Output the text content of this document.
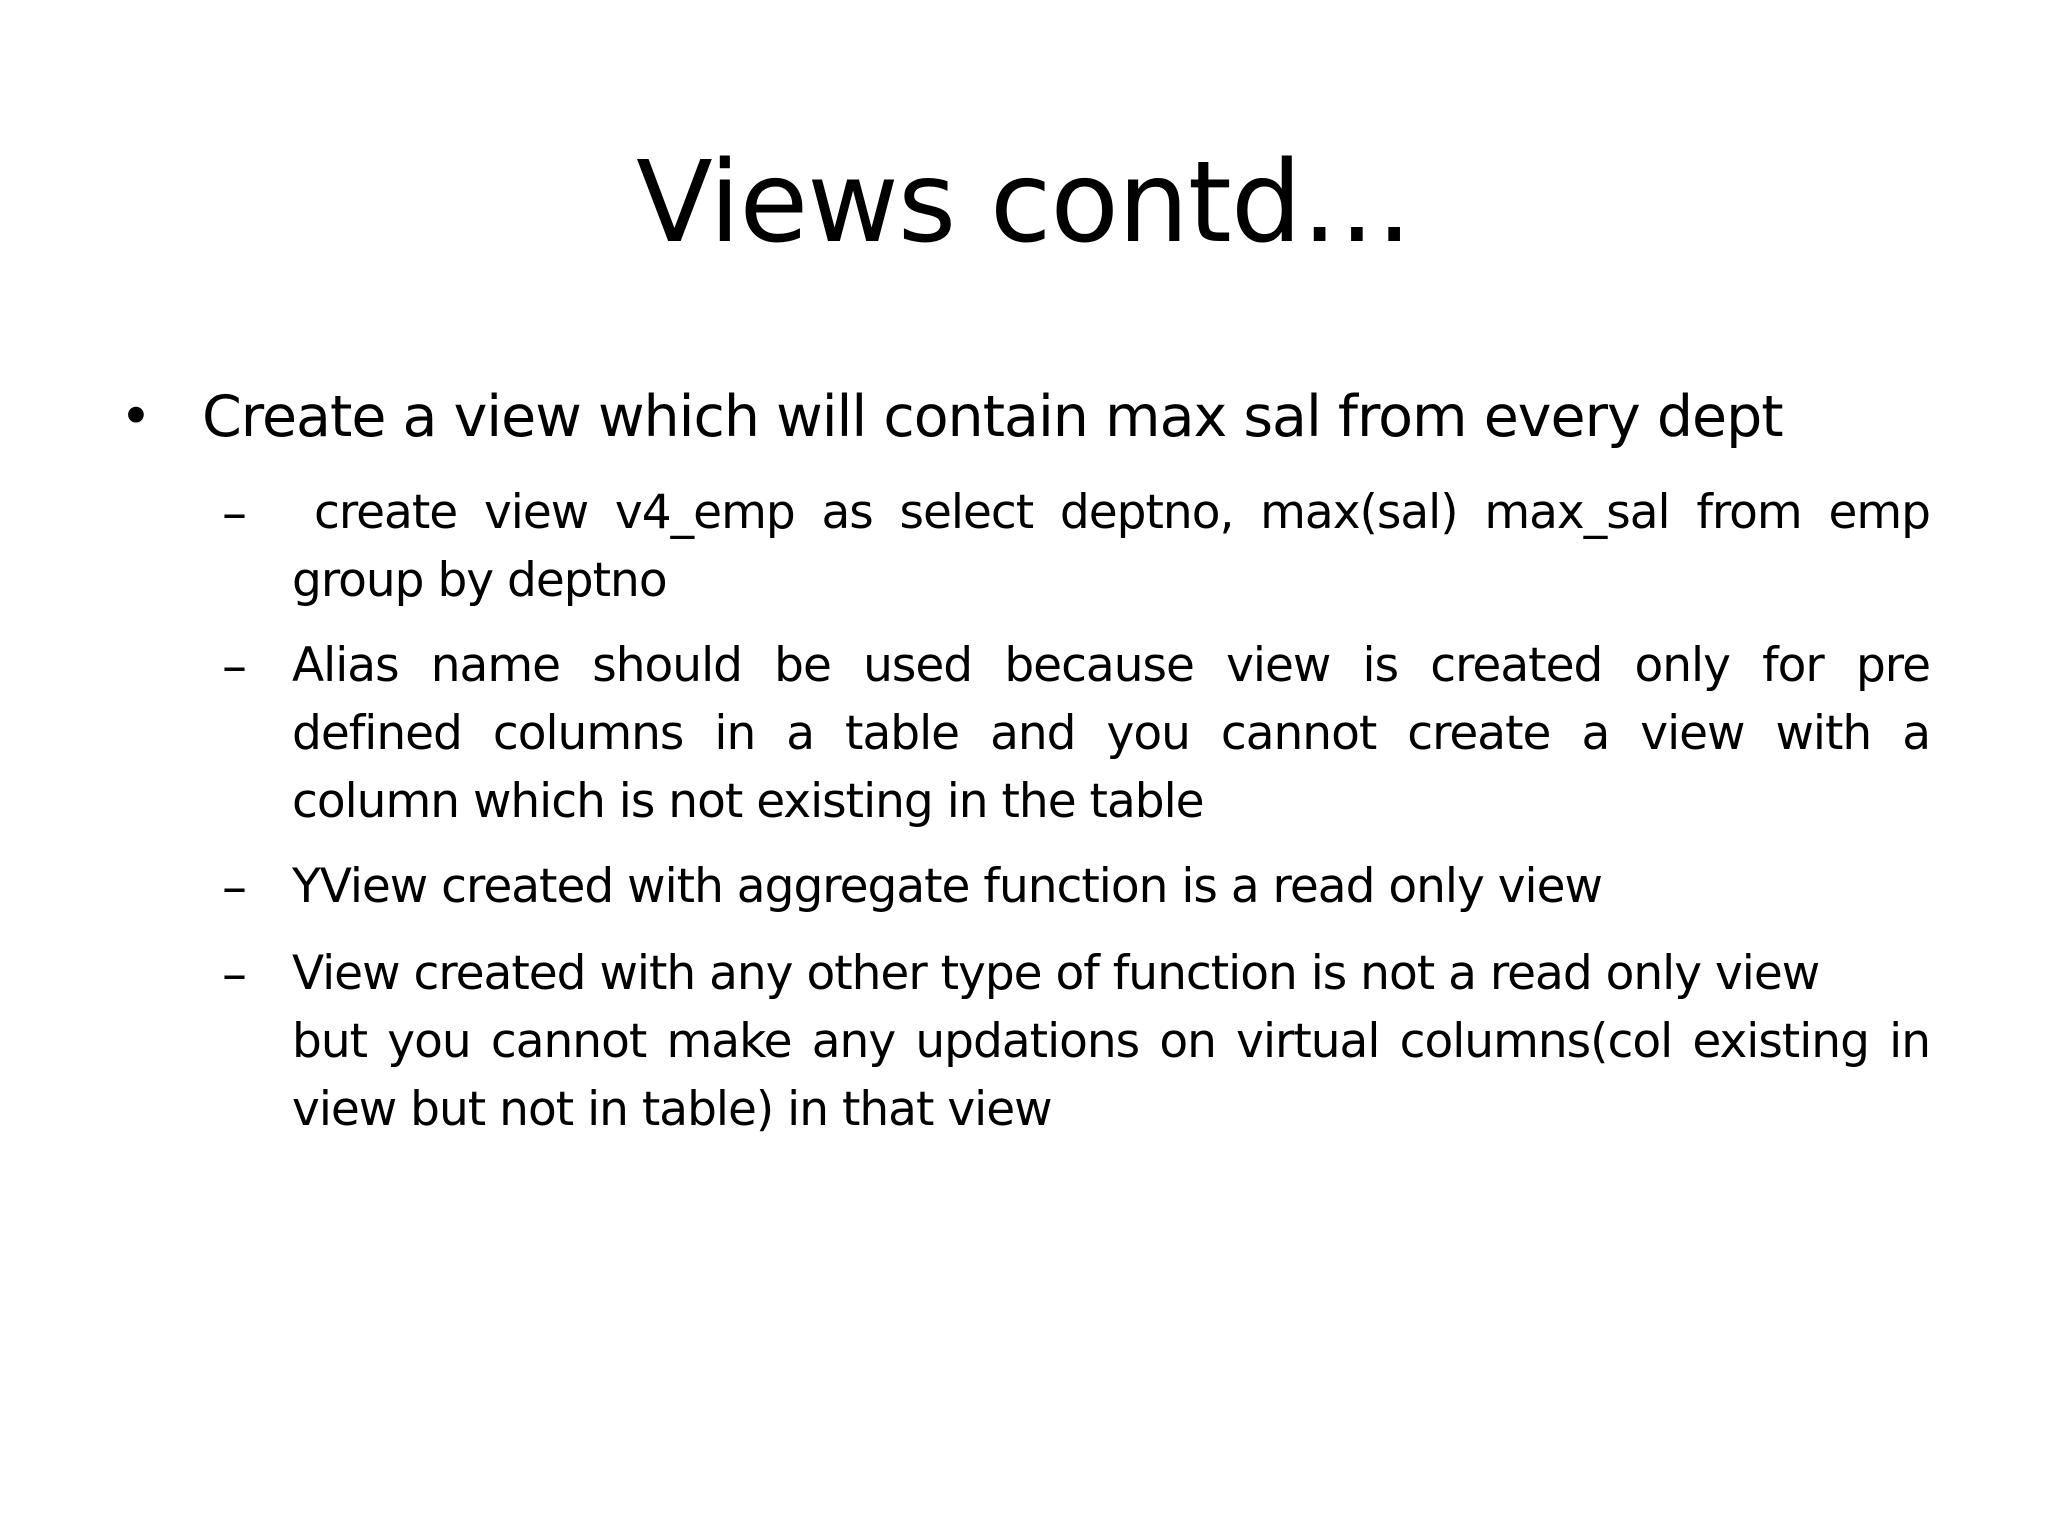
Views contd…
• Create a view which will contain max sal from every dept
–	create view v4_emp as select deptno, max(sal) max_sal from emp
group by deptno
– Alias name should be used because view is created only for pre
defined columns in a table and you cannot create a view with a
column which is not existing in the table
– YView created with aggregate function is a read only view
– View created with any other type of function is not a read only view
but you cannot make any updations on virtual columns(col existing in
view but not in table) in that view
